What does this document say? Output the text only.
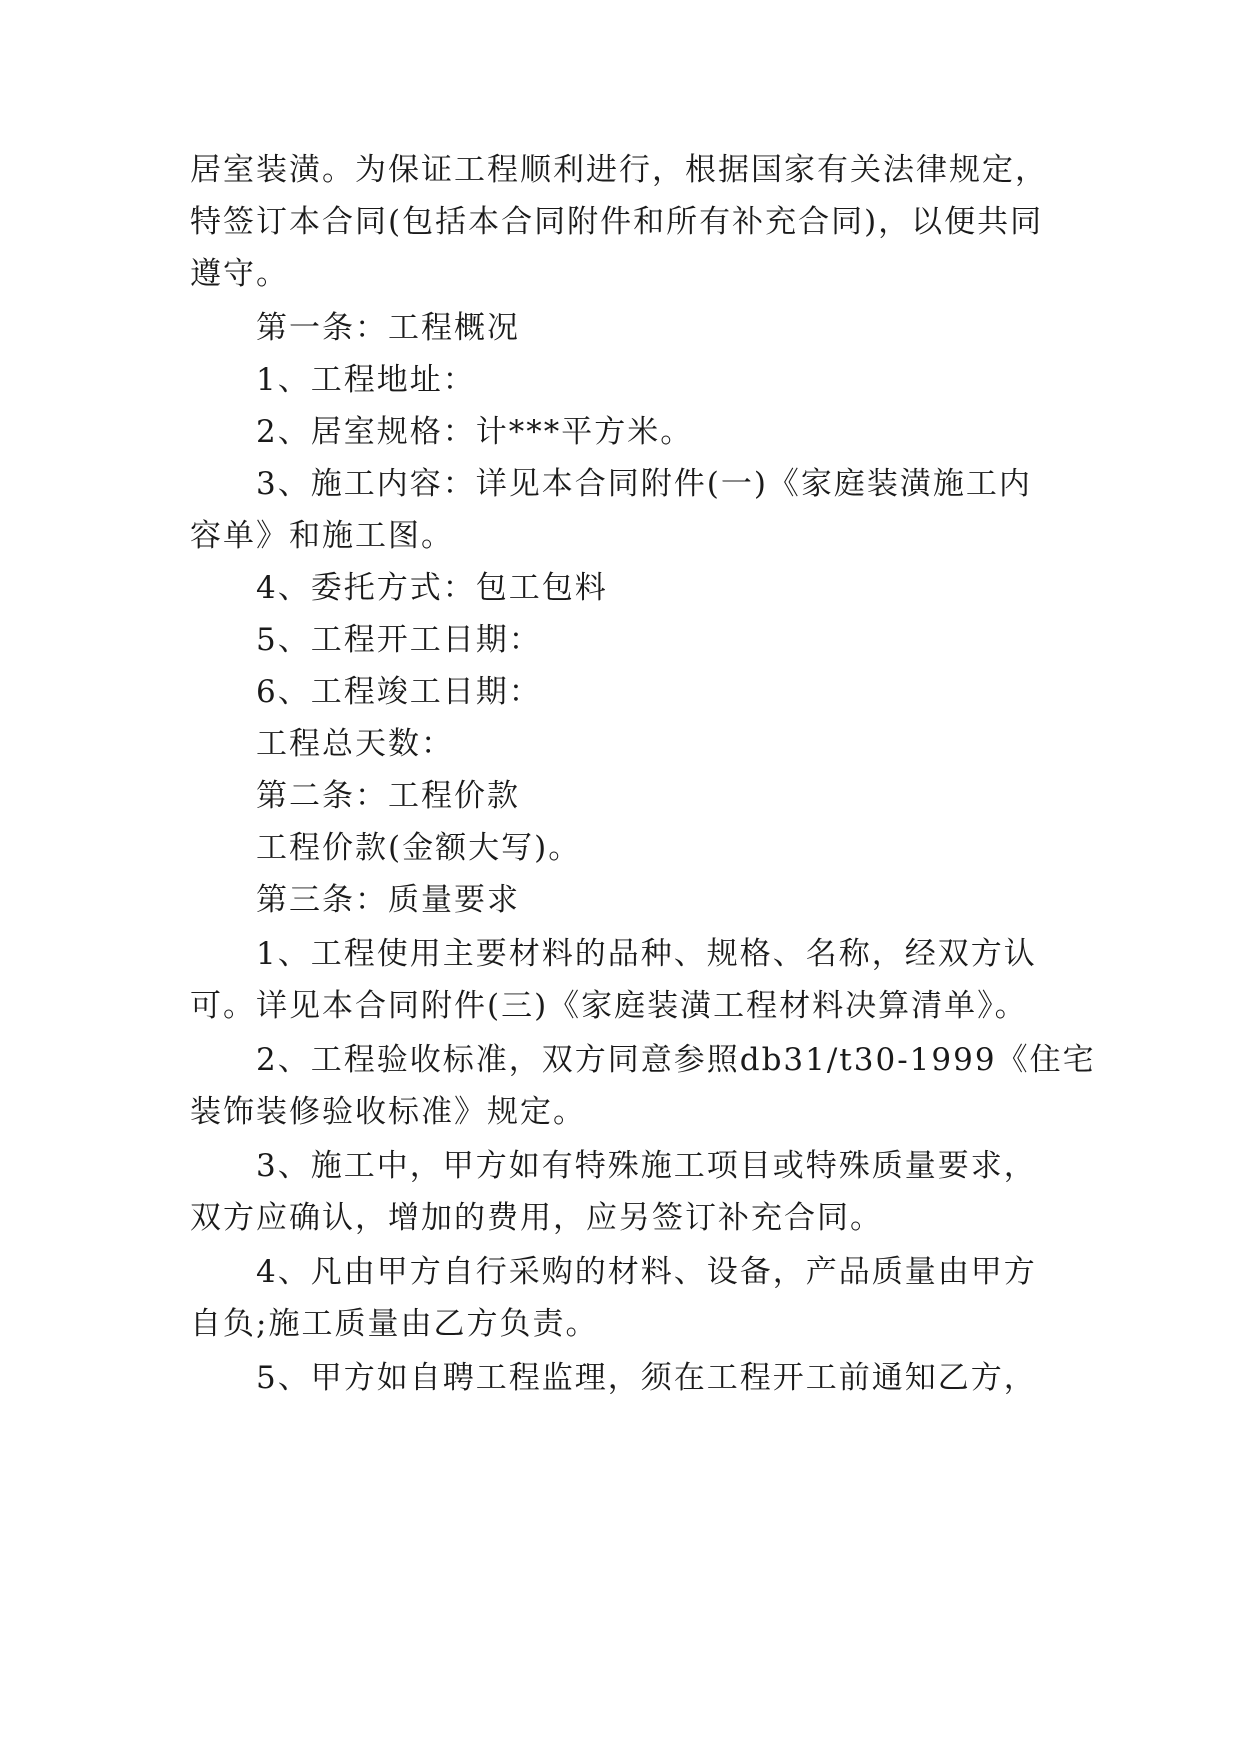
居室装潢。为保证工程顺利进行，根据国家有关法律规定，
特签订本合同(包括本合同附件和所有补充合同)，以便共同
遵守。
第一条：工程概况
1、工程地址：
2、居室规格：计***平方米。
3、施工内容：详见本合同附件(一)《家庭装潢施工内
容单》和施工图。
4、委托方式：包工包料
5、工程开工日期：
6、工程竣工日期：
工程总天数：
第二条：工程价款
工程价款(金额大写)。
第三条：质量要求
1、工程使用主要材料的品种、规格、名称，经双方认
可。详见本合同附件(三)《家庭装潢工程材料决算清单》。
2、工程验收标准，双方同意参照db31/t30-1999《住宅
装饰装修验收标准》规定。
3、施工中，甲方如有特殊施工项目或特殊质量要求，
双方应确认，增加的费用，应另签订补充合同。
4、凡由甲方自行采购的材料、设备，产品质量由甲方
自负;施工质量由乙方负责。
5、甲方如自聘工程监理，须在工程开工前通知乙方，
